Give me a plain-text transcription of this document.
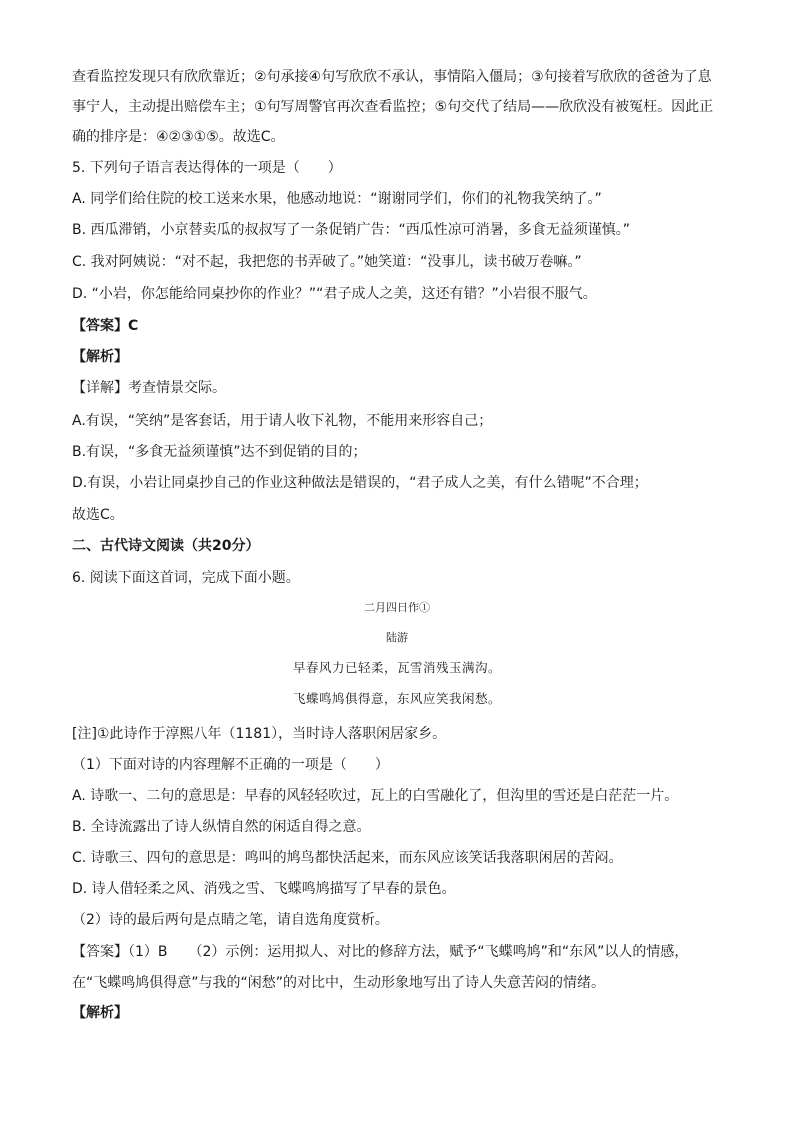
查看监控发现只有欣欣靠近；②句承接④句写欣欣不承认，事情陷入僵局；③句接着写欣欣的爸爸为了息
事宁人，主动提出赔偿车主；①句写周警官再次查看监控；⑤句交代了结局——欣欣没有被冤枉。因此正
确的排序是：④②③①⑤。故选C。
5. 下列句子语言表达得体的一项是（　　）
A. 同学们给住院的校工送来水果，他感动地说：“谢谢同学们，你们的礼物我笑纳了。”
B. 西瓜滞销，小京替卖瓜的叔叔写了一条促销广告：“西瓜性凉可消暑，多食无益须谨慎。”
C. 我对阿姨说：“对不起，我把您的书弄破了。”她笑道：“没事儿，读书破万卷嘛。”
D. “小岩，你怎能给同桌抄你的作业？”“君子成人之美，这还有错？”小岩很不服气。
【答案】C
【解析】
【详解】考查情景交际。
A.有误，“笑纳”是客套话，用于请人收下礼物，不能用来形容自己；
B.有误，“多食无益须谨慎”达不到促销的目的；
D.有误，小岩让同桌抄自己的作业这种做法是错误的，“君子成人之美，有什么错呢”不合理；
故选C。
二、古代诗文阅读（共20分）
6. 阅读下面这首词，完成下面小题。
二月四日作①
陆游
早春风力已轻柔，瓦雪消残玉满沟。
飞蝶鸣鸠俱得意，东风应笑我闲愁。
[注]①此诗作于淳熙八年（1181），当时诗人落职闲居家乡。
（1）下面对诗的内容理解不正确的一项是（　　）
A. 诗歌一、二句的意思是：早春的风轻轻吹过，瓦上的白雪融化了，但沟里的雪还是白茫茫一片。
B. 全诗流露出了诗人纵情自然的闲适自得之意。
C. 诗歌三、四句的意思是：鸣叫的鸠鸟都快活起来，而东风应该笑话我落职闲居的苦闷。
D. 诗人借轻柔之风、消残之雪、飞蝶鸣鸠描写了早春的景色。
（2）诗的最后两句是点睛之笔，请自选角度赏析。
【答案】（1）B　　（2）示例：运用拟人、对比的修辞方法，赋予“飞蝶鸣鸠”和“东风”以人的情感，
在“飞蝶鸣鸠俱得意”与我的“闲愁”的对比中，生动形象地写出了诗人失意苦闷的情绪。
【解析】
